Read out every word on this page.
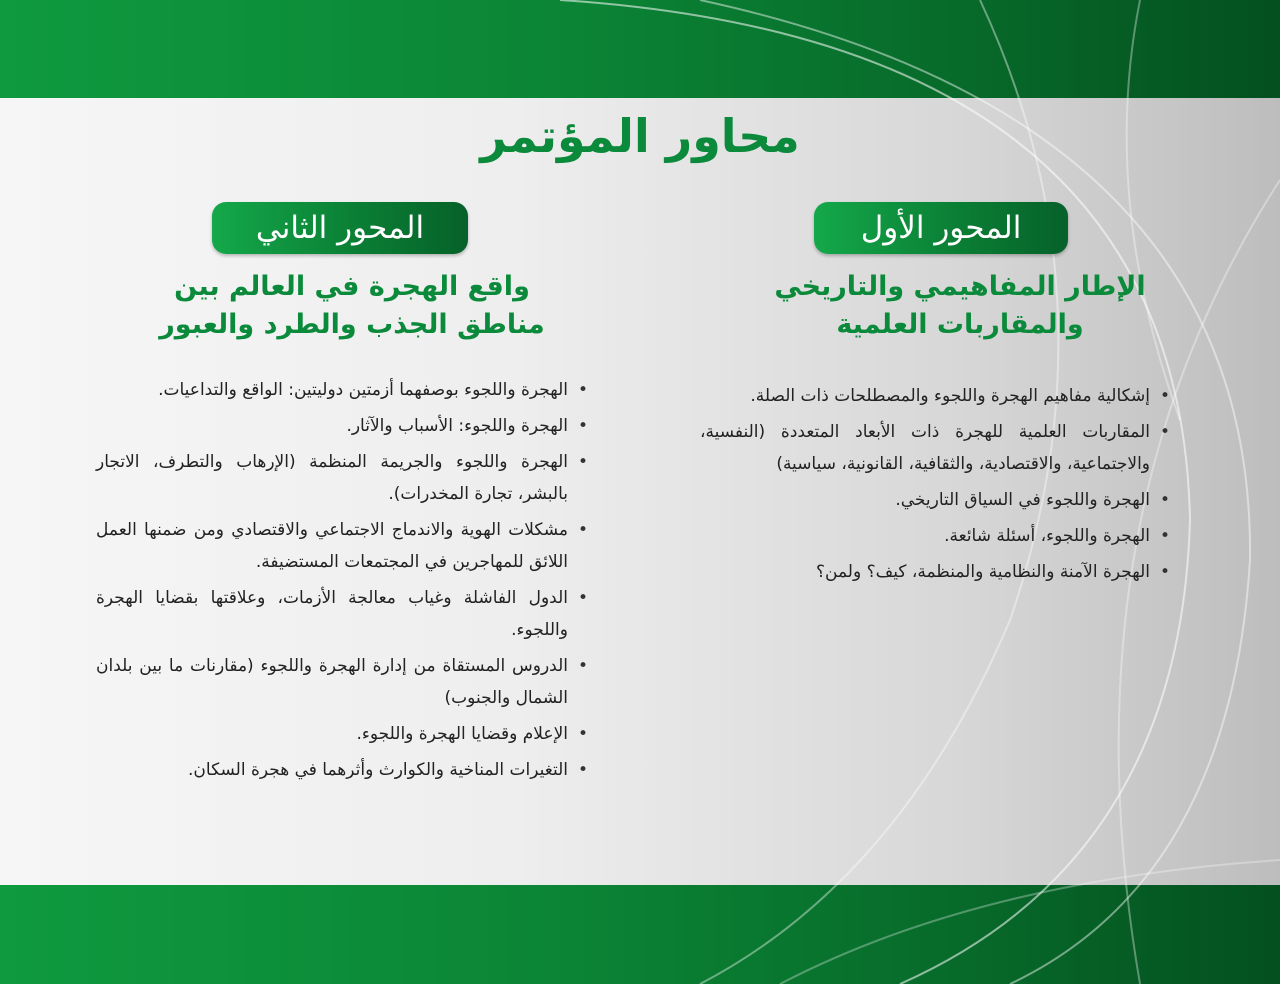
محاور المؤتمر
المحور الأول
الإطار المفاهيمي والتاريخي
والمقاربات العلمية
• إشكالية مفاهيم الهجرة واللجوء والمصطلحات ذات الصلة.
• المقاربات العلمية للهجرة ذات الأبعاد المتعددة (النفسية، والاجتماعية، والاقتصادية، والثقافية، القانونية، سياسية)
• الهجرة واللجوء في السياق التاريخي.
• الهجرة واللجوء، أسئلة شائعة.
• الهجرة الآمنة والنظامية والمنظمة، كيف؟ ولمن؟
المحور الثاني
واقع الهجرة في العالم بين
مناطق الجذب والطرد والعبور
• الهجرة واللجوء بوصفهما أزمتين دوليتين: الواقع والتداعيات.
• الهجرة واللجوء: الأسباب والآثار.
• الهجرة واللجوء والجريمة المنظمة (الإرهاب والتطرف، الاتجار بالبشر، تجارة المخدرات).
• مشكلات الهوية والاندماج الاجتماعي والاقتصادي ومن ضمنها العمل اللائق للمهاجرين في المجتمعات المستضيفة.
• الدول الفاشلة وغياب معالجة الأزمات، وعلاقتها بقضايا الهجرة واللجوء.
• الدروس المستقاة من إدارة الهجرة واللجوء (مقارنات ما بين بلدان الشمال والجنوب)
• الإعلام وقضايا الهجرة واللجوء.
• التغيرات المناخية والكوارث وأثرهما في هجرة السكان.
